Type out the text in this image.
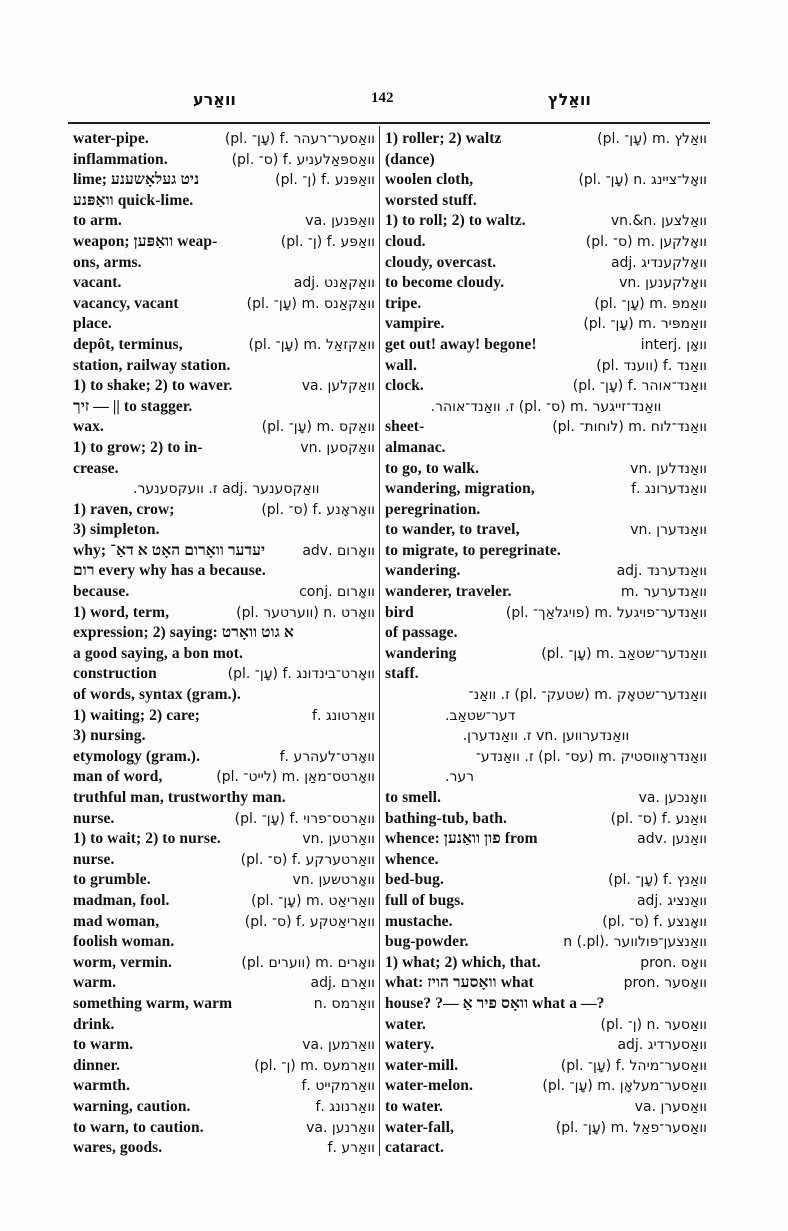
וואַרע	142	וואַלץ
water-pipe.	וואַסער־רעהר .f (עָן־ .pl)
inflammation.	וואַספּאַלעניע .f (ס־ .pl)
lime; ניט געלאָשענע	וואַפּנע .f (ן־ .pl)
וואַפּנע quick-lime.
to arm.	וואַפּנען .va
weapon; וואַפּען weap-	וואַפּע .f (ן־ .pl)
ons, arms.
vacant.	וואַקאַנט .adj
vacancy, vacant	וואַקאַנס .m (עָן־ .pl)
place.
depôt, terminus,	וואַקזאַל .m (עָן־ .pl)
station, railway station.
1) to shake; 2) to waver.	וואַקלען .va
זיך — || to stagger.
wax.	וואַקס .m (עָן־ .pl)
1) to grow; 2) to in-	וואַקסען .vn
crease.
וואַקסענער .adj ז. וועקסענער.
1) raven, crow;	וואָראָנע .f (ס־ .pl)
3) simpleton.
why; יעדער וואָרום האָט א דאַ־	וואָרום .adv
רום every why has a because.
because.	וואָרום .conj
1) word, term,	וואָרט .n (ווערטער .pl)
expression; 2) saying: א גוט וואָרט
a good saying, a bon mot.
construction	וואָרט־בינדונג .f (עָן־ .pl)
of words, syntax (gram.).
1) waiting; 2) care;	וואַרטונג .f
3) nursing.
etymology (gram.).	וואָרט־לעהרע .f
man of word,	וואָרטס־מאַן .m (לייט־ .pl)
truthful man, trustworthy man.
nurse.	וואַרטס־פרוי .f (עָן־ .pl)
1) to wait; 2) to nurse.	וואַרטען .vn
nurse.	וואַרטערקע .f (ס־ .pl)
to grumble.	וואָרטשען .vn
madman, fool.	וואַריאַט .m (עָן־ .pl)
mad woman,	וואַריאַטקע .f (ס־ .pl)
foolish woman.
worm, vermin.	וואָרים .m (ווערים .pl)
warm.	וואַרם .adj
something warm, warm	וואַרמס .n
drink.
to warm.	וואַרמען .va
dinner.	וואַרמעס .m (ן־ .pl)
warmth.	וואַרמקייט .f
warning, caution.	וואַרנונג .f
to warn, to caution.	וואַרנען .va
wares, goods.	וואַרע .f
1) roller; 2) waltz	וואַלץ .m (עָן־ .pl)
(dance)
woolen cloth,	וואָל־ציינג .n (עָן־ .pl)
worsted stuff.
1) to roll; 2) to waltz.	וואַלצען .vn.&n
cloud.	וואָלקען .m (ס־ .pl)
cloudy, overcast.	וואָלקענדיג .adj
to become cloudy.	וואָלקענען .vn
tripe.	וואַמפּ .m (עָן־ .pl)
vampire.	וואַמפּיר .m (עָן־ .pl)
get out! away! begone!	וואָן .interj
wall.	וואַנד .f (ווענד .pl)
clock.	וואַנד־אוהר .f (עָן־ .pl)
וואַנד־זייגער .m (ס־ .pl) ז. וואַנד־אוהר.
sheet-	וואַנד־לוח .m (לוחות־ .pl)
almanac.
to go, to walk.	וואַנדלען .vn
wandering, migration,	וואַנדערונג .f
peregrination.
to wander, to travel,	וואַנדערן .vn
to migrate, to peregrinate.
wandering.	וואַנדערנד .adj
wanderer, traveler.	וואַנדערער .m
bird	וואַנדער־פויגעל .m (פויגלאַך־ .pl)
of passage.
wandering	וואַנדער־שטאַב .m (עָן־ .pl)
staff.
וואַנדער־שטאָק .m (שטעק־ .pl) ז. וואַנ־
דער־שטאַב.
וואַנדערווען .vn ז. וואַנדערן.
וואַנדראָווסטיק .m (עס־ .pl) ז. וואַנדע־
רער.
to smell.	וואָנכען .va
bathing-tub, bath.	וואַנע .f (ס־ .pl)
whence: פון וואַנען from	וואַנען .adv
whence.
bed-bug.	וואַנץ .f (עָן־ .pl)
full of bugs.	וואַנציג .adj
mustache.	וואָנצע .f (ס־ .pl)
bug-powder.	וואַנצען־פּולווער .n (.pl)
1) what; 2) which, that.	וואָס .pron
what: וואָסער הויז what	וואָסער .pron
house? ?— וואָס פיר אַ what a —?
water.	וואַסער .n (ן־ .pl)
watery.	וואַסערדיג .adj
water-mill.	וואַסער־מיהל .f (עָן־ .pl)
water-melon.	וואַסער־מעלאָן .m (עָן־ .pl)
to water.	וואַסערן .va
water-fall,	וואַסער־פאַל .m (עָן־ .pl)
cataract.
